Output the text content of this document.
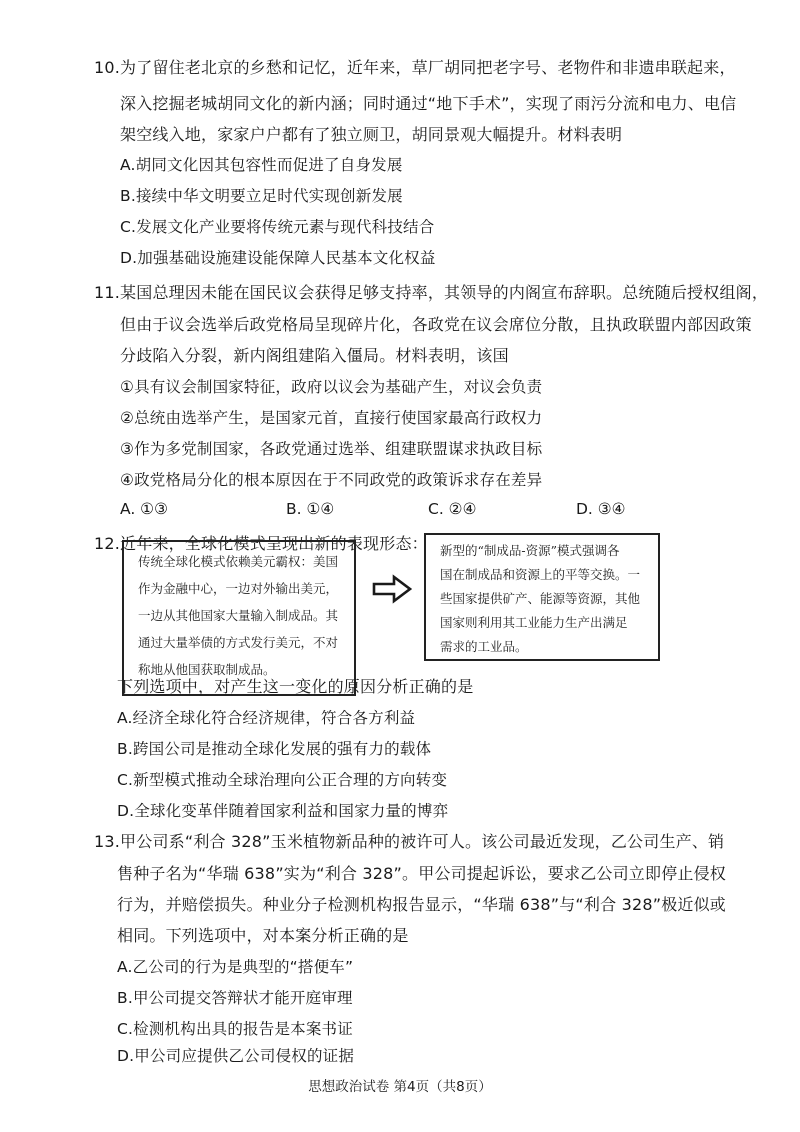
10.为了留住老北京的乡愁和记忆，近年来，草厂胡同把老字号、老物件和非遗串联起来，
深入挖掘老城胡同文化的新内涵；同时通过“地下手术”，实现了雨污分流和电力、电信
架空线入地，家家户户都有了独立厕卫，胡同景观大幅提升。材料表明
A.胡同文化因其包容性而促进了自身发展
B.接续中华文明要立足时代实现创新发展
C.发展文化产业要将传统元素与现代科技结合
D.加强基础设施建设能保障人民基本文化权益
11.某国总理因未能在国民议会获得足够支持率，其领导的内阁宣布辞职。总统随后授权组阁，
但由于议会选举后政党格局呈现碎片化，各政党在议会席位分散，且执政联盟内部因政策
分歧陷入分裂，新内阁组建陷入僵局。材料表明，该国
①具有议会制国家特征，政府以议会为基础产生，对议会负责
②总统由选举产生，是国家元首，直接行使国家最高行政权力
③作为多党制国家，各政党通过选举、组建联盟谋求执政目标
④政党格局分化的根本原因在于不同政党的政策诉求存在差异
A. ①③	B. ①④	C. ②④	D. ③④
12.近年来，全球化模式呈现出新的表现形态：
传统全球化模式依赖美元霸权：美国
作为金融中心，一边对外输出美元，
一边从其他国家大量输入制成品。其
通过大量举债的方式发行美元，不对
称地从他国获取制成品。
新型的“制成品-资源”模式强调各
国在制成品和资源上的平等交换。一
些国家提供矿产、能源等资源，其他
国家则利用其工业能力生产出满足
需求的工业品。
下列选项中，对产生这一变化的原因分析正确的是
A.经济全球化符合经济规律，符合各方利益
B.跨国公司是推动全球化发展的强有力的载体
C.新型模式推动全球治理向公正合理的方向转变
D.全球化变革伴随着国家利益和国家力量的博弈
13.甲公司系“利合 328”玉米植物新品种的被许可人。该公司最近发现，乙公司生产、销
售种子名为“华瑞 638”实为“利合 328”。甲公司提起诉讼，要求乙公司立即停止侵权
行为，并赔偿损失。种业分子检测机构报告显示，“华瑞 638”与“利合 328”极近似或
相同。下列选项中，对本案分析正确的是
A.乙公司的行为是典型的“搭便车”
B.甲公司提交答辩状才能开庭审理
C.检测机构出具的报告是本案书证
D.甲公司应提供乙公司侵权的证据
思想政治试卷 第4页（共8页）
